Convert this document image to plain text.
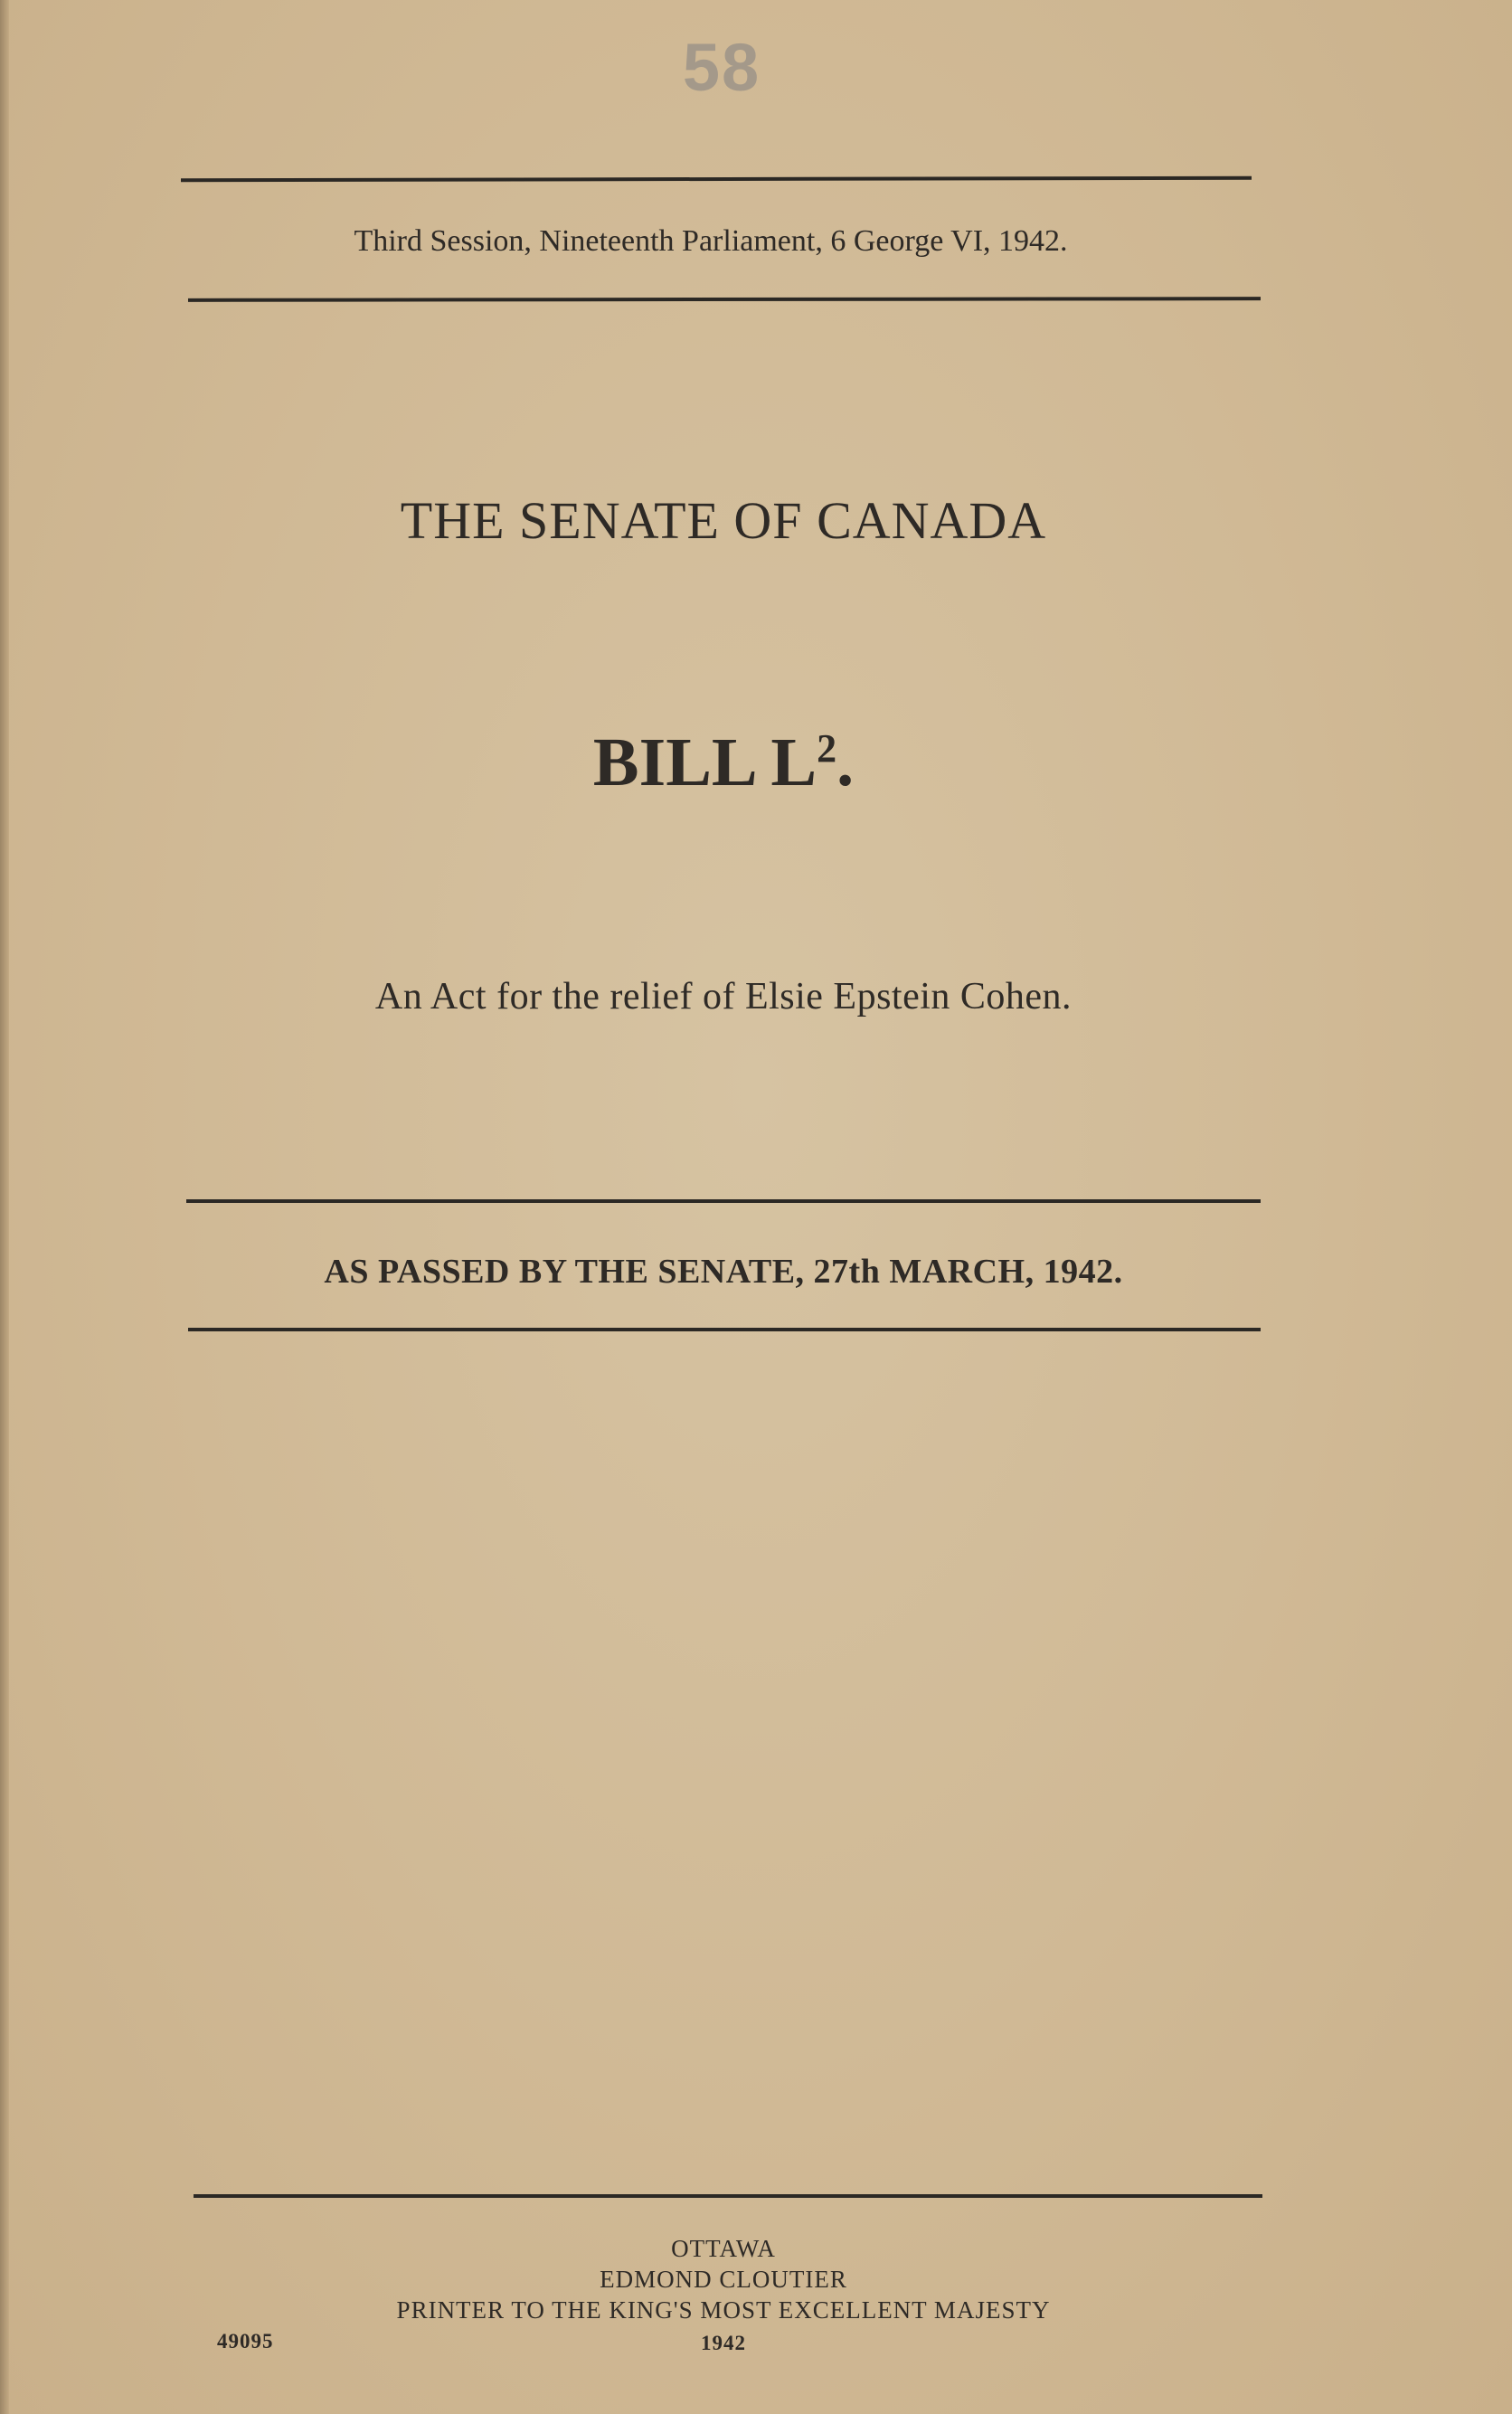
58
Third Session, Nineteenth Parliament, 6 George VI, 1942.
THE SENATE OF CANADA
BILL $L^2$.
An Act for the relief of Elsie Epstein Cohen.
AS PASSED BY THE SENATE, 27th MARCH, 1942.
OTTAWA
EDMOND CLOUTIER
PRINTER TO THE KING'S MOST EXCELLENT MAJESTY
1942
49095
